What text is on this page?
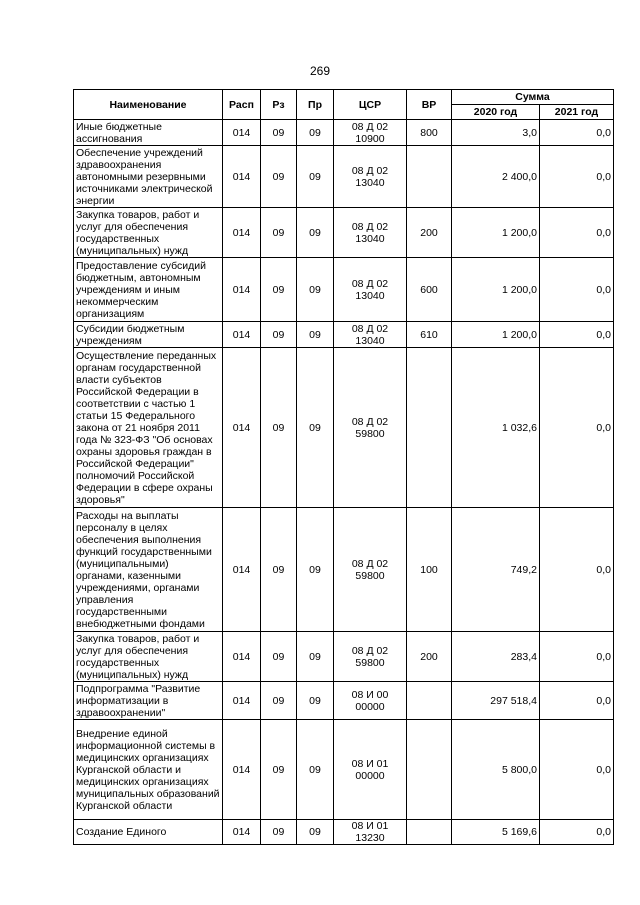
269
Наименование	Расп	Рз	Пр	ЦСР	ВР	Сумма	
						2020 год	2021 год
Иные бюджетные ассигнования	014	09	09	08 Д 02 10900	800	3,0	0,0
Обеспечение учреждений здравоохранения автономными резервными источниками электрической энергии	014	09	09	08 Д 02 13040		2 400,0	0,0
Закупка товаров, работ и услуг для обеспечения государственных (муниципальных) нужд	014	09	09	08 Д 02 13040	200	1 200,0	0,0
Предоставление субсидий бюджетным, автономным учреждениям и иным некоммерческим организациям	014	09	09	08 Д 02 13040	600	1 200,0	0,0
Субсидии бюджетным учреждениям	014	09	09	08 Д 02 13040	610	1 200,0	0,0
Осуществление переданных органам государственной власти субъектов Российской Федерации в соответствии с частью 1 статьи 15 Федерального закона от 21 ноября 2011 года № 323-ФЗ "Об основах охраны здоровья граждан в Российской Федерации" полномочий Российской Федерации в сфере охраны здоровья"	014	09	09	08 Д 02 59800		1 032,6	0,0
Расходы на выплаты персоналу в целях обеспечения выполнения функций государственными (муниципальными) органами, казенными учреждениями, органами управления государственными внебюджетными фондами	014	09	09	08 Д 02 59800	100	749,2	0,0
Закупка товаров, работ и услуг для обеспечения государственных (муниципальных) нужд	014	09	09	08 Д 02 59800	200	283,4	0,0
Подпрограмма "Развитие информатизации в здравоохранении"	014	09	09	08 И 00 00000		297 518,4	0,0
Внедрение единой информационной системы в медицинских организациях Курганской области и медицинских организациях муниципальных образований Курганской области	014	09	09	08 И 01 00000		5 800,0	0,0
Создание Единого	014	09	09	08 И 01 13230		5 169,6	0,0
